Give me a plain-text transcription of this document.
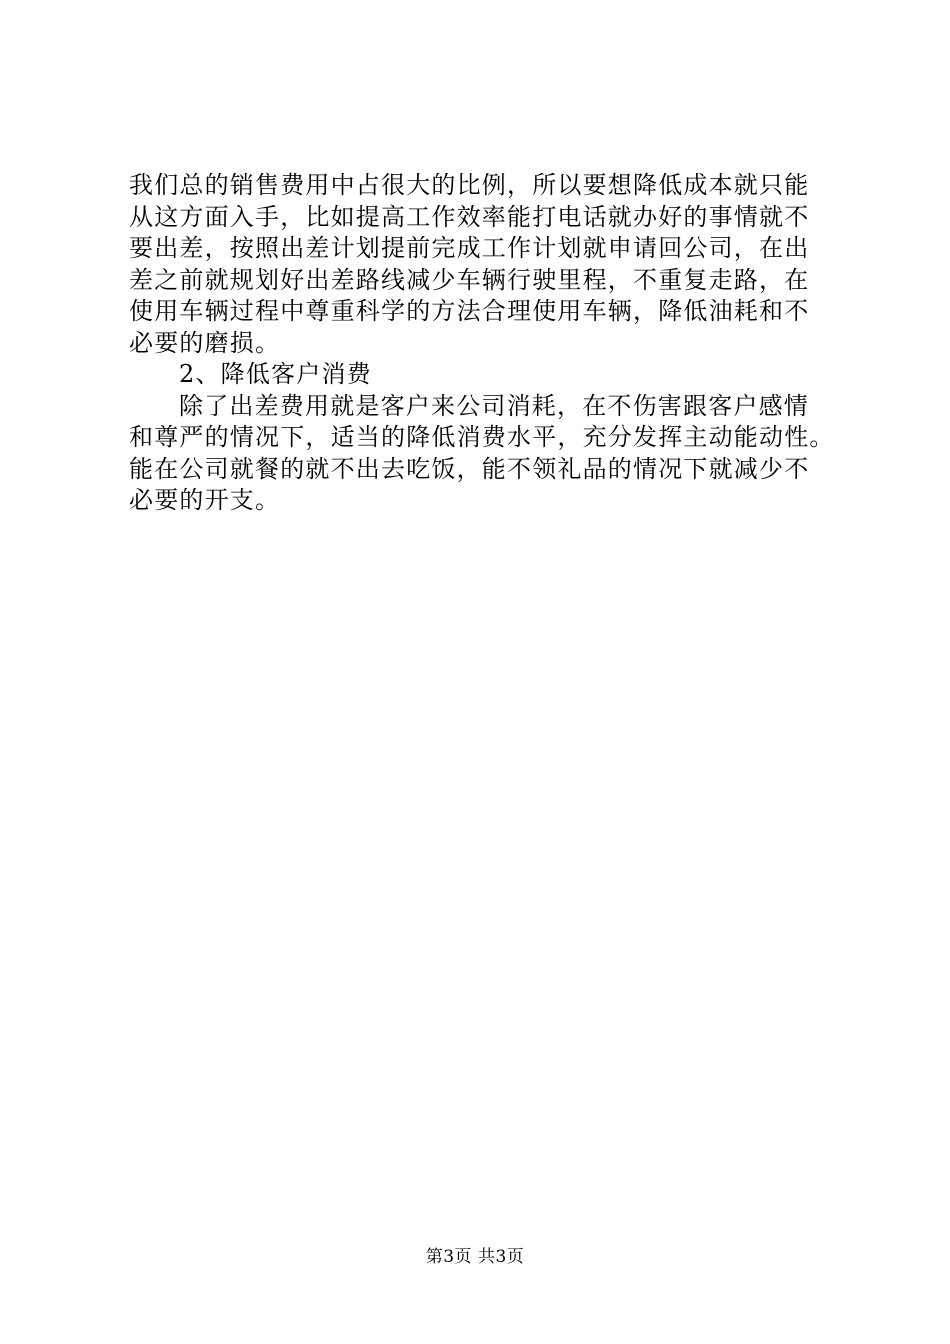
我们总的销售费用中占很大的比例，所以要想降低成本就只能
从这方面入手，比如提高工作效率能打电话就办好的事情就不
要出差，按照出差计划提前完成工作计划就申请回公司，在出
差之前就规划好出差路线减少车辆行驶里程，不重复走路，在
使用车辆过程中尊重科学的方法合理使用车辆，降低油耗和不
必要的磨损。
2、降低客户消费
除了出差费用就是客户来公司消耗，在不伤害跟客户感情
和尊严的情况下，适当的降低消费水平，充分发挥主动能动性。
能在公司就餐的就不出去吃饭，能不领礼品的情况下就减少不
必要的开支。
第3页 共3页
